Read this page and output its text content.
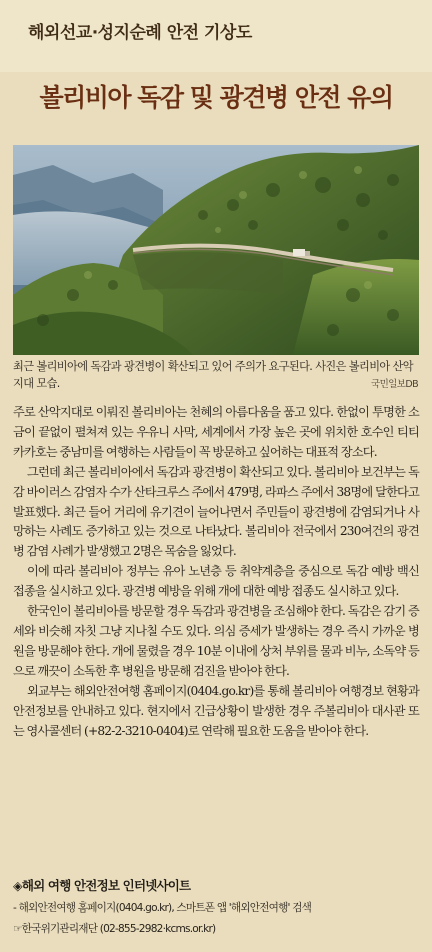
해외선교·성지순례 안전 기상도
볼리비아 독감 및 광견병 안전 유의
최근 볼리비아에 독감과 광견병이 확산되고 있어 주의가 요구된다. 사진은 볼리비아 산악지대 모습.	국민일보DB

주로 산악지대로 이뤄진 볼리비아는 천혜의 아름다움을 품고 있다. 한없이 투명한 소금이 끝없이 펼쳐져 있는 우유니 사막, 세계에서 가장 높은 곳에 위치한 호수인 티티카카호는 중남미를 여행하는 사람들이 꼭 방문하고 싶어하는 대표적 장소다.

그런데 최근 볼리비아에서 독감과 광견병이 확산되고 있다. 볼리비아 보건부는 독감 바이러스 감염자 수가 산타크루스 주에서 479명, 라파스 주에서 38명에 달한다고 발표했다. 최근 들어 거리에 유기견이 늘어나면서 주민들이 광견병에 감염되거나 사망하는 사례도 증가하고 있는 것으로 나타났다. 볼리비아 전국에서 230여건의 광견병 감염 사례가 발생했고 2명은 목숨을 잃었다.

이에 따라 볼리비아 정부는 유아 노년층 등 취약계층을 중심으로 독감 예방 백신 접종을 실시하고 있다. 광견병 예방을 위해 개에 대한 예방 접종도 실시하고 있다.

한국인이 볼리비아를 방문할 경우 독감과 광견병을 조심해야 한다. 독감은 감기 증세와 비슷해 자칫 그냥 지나칠 수도 있다. 의심 증세가 발생하는 경우 즉시 가까운 병원을 방문해야 한다. 개에 물렸을 경우 10분 이내에 상처 부위를 물과 비누, 소독약 등으로 깨끗이 소독한 후 병원을 방문해 검진을 받아야 한다.

외교부는 해외안전여행 홈페이지(0404.go.kr)를 통해 볼리비아 여행경보 현황과 안전정보를 안내하고 있다. 현지에서 긴급상황이 발생한 경우 주볼리비아 대사관 또는 영사콜센터 (+82-2-3210-0404)로 연락해 필요한 도움을 받아야 한다.

◈해외 여행 안전정보 인터넷사이트
- 해외안전여행 홈페이지(0404.go.kr), 스마트폰 앱 '해외안전여행' 검색
☞한국위기관리재단 (02-855-2982·kcms.or.kr)
